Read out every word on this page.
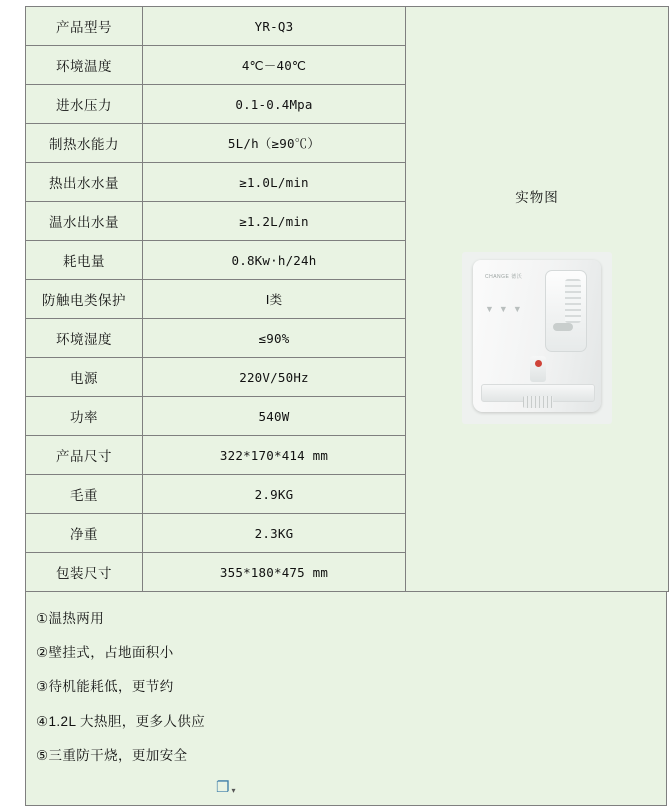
产品型号	YR-Q3	实物图
CHANGE 德沃
▼▼▼

环境温度	4℃－40℃	
进水压力	0.1-0.4Mpa	
制热水能力	5L/h（≥90℃）	
热出水水量	≥1.0L/min	
温水出水量	≥1.2L/min	
耗电量	0.8Kw·h/24h	
防触电类保护	Ⅰ类	
环境湿度	≤90%	
电源	220V/50Hz	
功率	540W	
产品尺寸	322*170*414 mm	
毛重	2.9KG	
净重	2.3KG	
包装尺寸	355*180*475 mm	
①温热两用
②壁挂式，占地面积小
③待机能耗低，更节约
④1.2L 大热胆，更多人供应
⑤三重防干烧，更加安全
❐ ▾
